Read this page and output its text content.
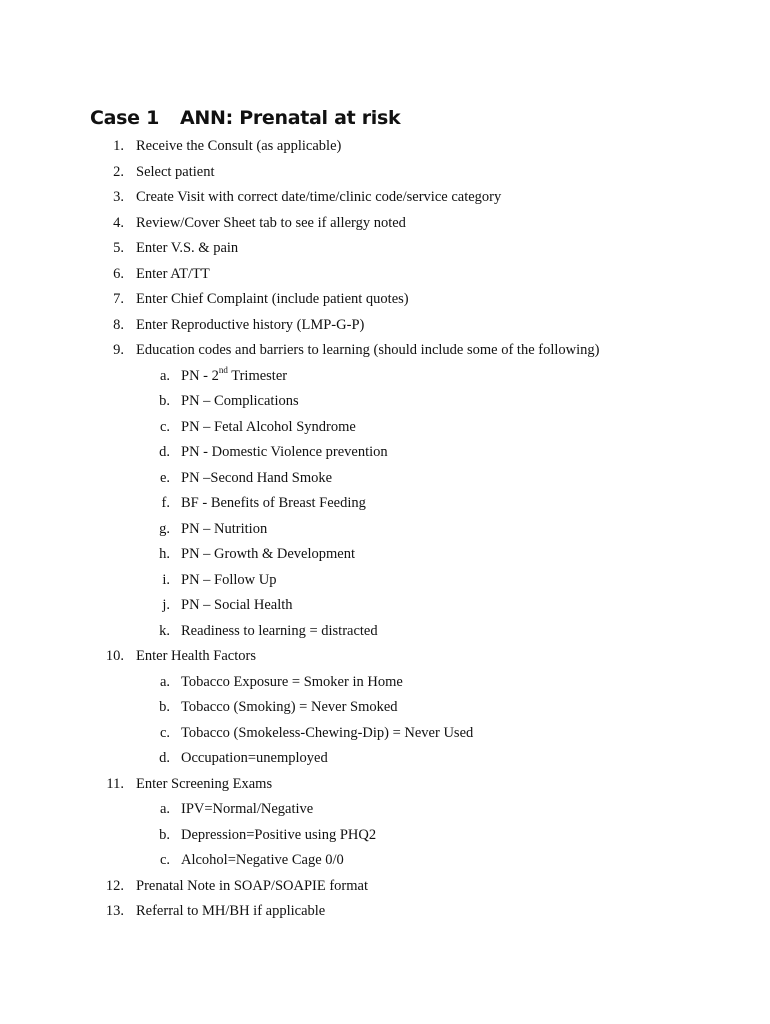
Case 1 ANN: Prenatal at risk
1. Receive the Consult (as applicable)
2. Select patient
3. Create Visit with correct date/time/clinic code/service category
4. Review/Cover Sheet tab to see if allergy noted
5. Enter V.S. & pain
6. Enter AT/TT
7. Enter Chief Complaint (include patient quotes)
8. Enter Reproductive history (LMP-G-P)
9. Education codes and barriers to learning (should include some of the following)
a. PN - 2nd Trimester
b. PN – Complications
c. PN – Fetal Alcohol Syndrome
d. PN - Domestic Violence prevention
e. PN –Second Hand Smoke
f. BF - Benefits of Breast Feeding
g. PN – Nutrition
h. PN – Growth & Development
i. PN – Follow Up
j. PN – Social Health
k. Readiness to learning = distracted
10. Enter Health Factors
a. Tobacco Exposure = Smoker in Home
b. Tobacco (Smoking) = Never Smoked
c. Tobacco (Smokeless-Chewing-Dip) = Never Used
d. Occupation=unemployed
11. Enter Screening Exams
a. IPV=Normal/Negative
b. Depression=Positive using PHQ2
c. Alcohol=Negative Cage 0/0
12. Prenatal Note in SOAP/SOAPIE format
13. Referral to MH/BH if applicable
